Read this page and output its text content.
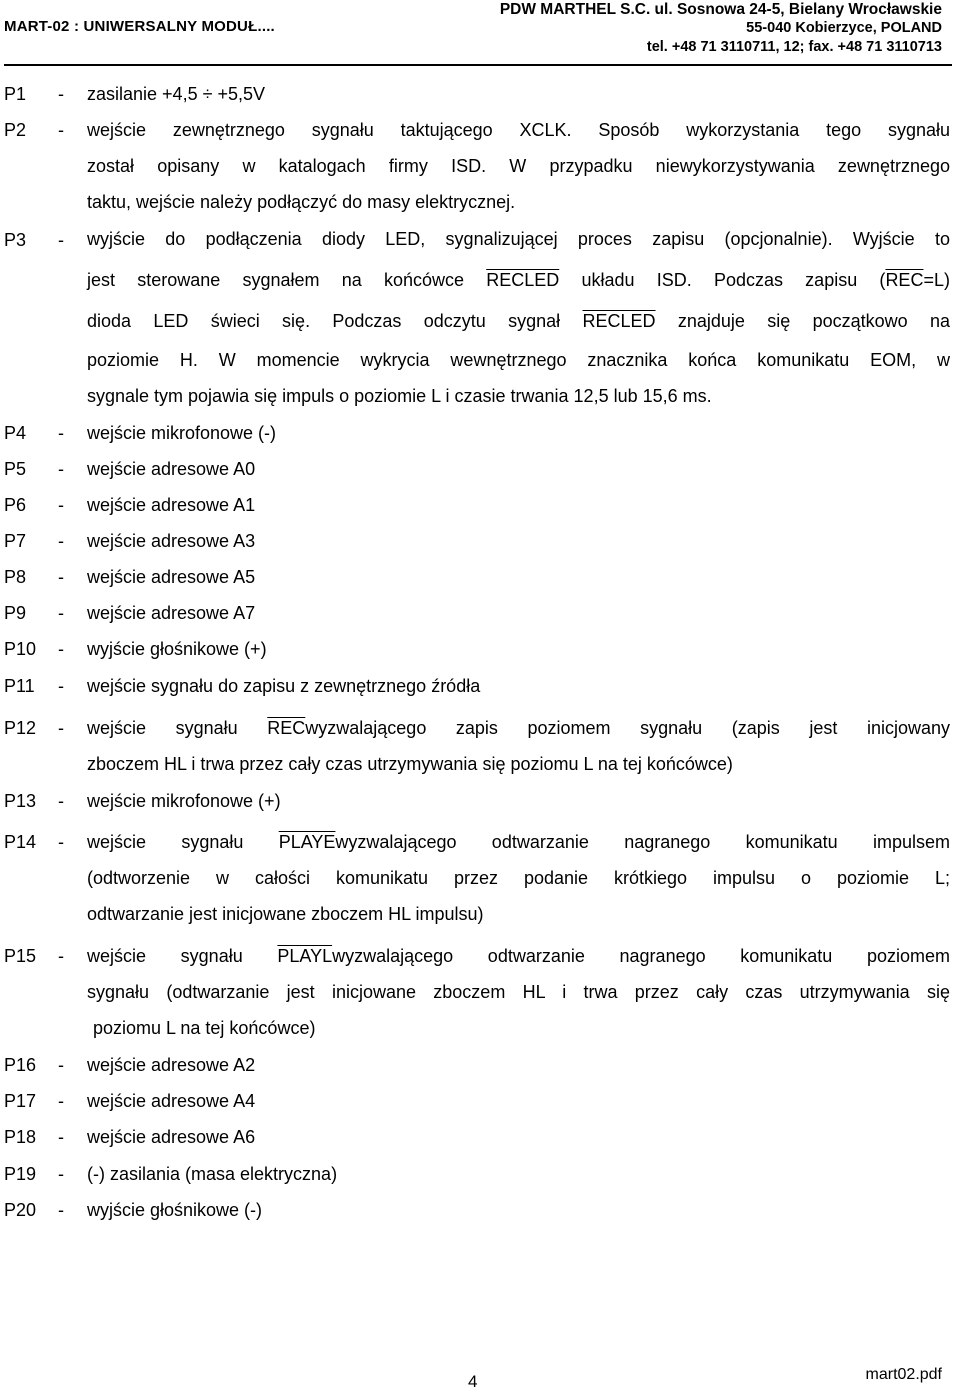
MART-02 : UNIWERSALNY MODUŁ....
PDW MARTHEL S.C. ul. Sosnowa 24-5, Bielany Wrocławskie
55-040 Kobierzyce, POLAND
tel. +48 71 3110711, 12; fax. +48 71 3110713
P1 - zasilanie +4,5 ÷ +5,5V
P2 - wejście zewnętrznego sygnału taktującego XCLK. Sposób wykorzystania tego sygnału
został opisany w katalogach firmy ISD. W przypadku niewykorzystywania zewnętrznego
taktu, wejście należy podłączyć do masy elektrycznej.
P3 - wyjście do podłączenia diody LED, sygnalizującej proces zapisu (opcjonalnie). Wyjście to
jest sterowane sygnałem na końcówce RECLED układu ISD. Podczas zapisu $(\overline{REC}=L)$
dioda LED świeci się. Podczas odczytu sygnał RECLED znajduje się początkowo na
poziomie H. W momencie wykrycia wewnętrznego znacznika końca komunikatu EOM, w
sygnale tym pojawia się impuls o poziomie L i czasie trwania 12,5 lub 15,6 ms.
P4 - wejście mikrofonowe (-)
P5 - wejście adresowe A0
P6 - wejście adresowe A1
P7 - wejście adresowe A3
P8 - wejście adresowe A5
P9 - wejście adresowe A7
P10 - wyjście głośnikowe (+)
P11 - wejście sygnału do zapisu z zewnętrznego źródła
P12 - wejście sygnału $\overline{REC}wyzwalającego$ zapis poziomem sygnału (zapis jest inicjowany
zboczem HL i trwa przez cały czas utrzymywania się poziomu L na tej końcówce)
P13 - wejście mikrofonowe (+)
P14 - wejście sygnału PLAYEwyzwalającego odtwarzanie nagranego komunikatu impulsem
(odtworzenie w całości komunikatu przez podanie krótkiego impulsu o poziomie L;
odtwarzanie jest inicjowane zboczem HL impulsu)
P15 - wejście sygnału PLAYLwyzwalającego odtwarzanie nagranego komunikatu poziomem
sygnału (odtwarzanie jest inicjowane zboczem HL i trwa przez cały czas utrzymywania się
poziomu L na tej końcówce)
P16 - wejście adresowe A2
P17 - wejście adresowe A4
P18 - wejście adresowe A6
P19 - (-) zasilania (masa elektryczna)
P20 - wyjście głośnikowe (-)
4	mart02.pdf
